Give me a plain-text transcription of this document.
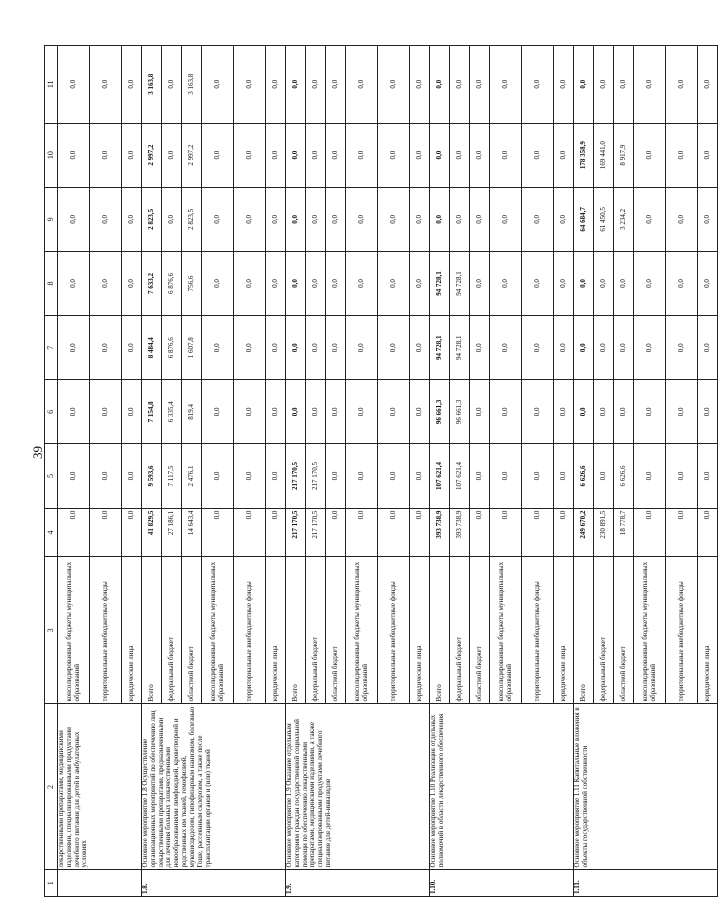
39
1	2	3	4	5	6	7	8	9	10	11
	лекарственными препаратами, медицинскими изделиями, специализированными продуктами лечебного питания для детей в амбулаторных условиях	консолидированные бюджеты муниципальных образований	0,0	0,0	0,0	0,0	0,0	0,0	0,0	0,0
		территориальные внебюджетные фонды	0,0	0,0	0,0	0,0	0,0	0,0	0,0	0,0
		юридические лица	0,0	0,0	0,0	0,0	0,0	0,0	0,0	0,0
1.8.	Основное мероприятие 1.8 Осуществление организационных мероприятий по обеспечению лиц лекарственными препаратами, предназначенными для лечения больных злокачественными новообразованиями лимфоидной, кроветворной и родственных им тканей, гемофилией, муковисцидозом, гипофизарным нанизмом, болезнью Гоше, рассеянным склерозом, а также после трансплантации органов и (или) тканей	Всего	41 829,5	9 593,6	7 154,8	8 484,4	7 633,2	2 823,5	2 997,2	3 163,8
		федеральный бюджет	27 186,1	7 117,5	6 335,4	6 876,6	6 876,6	0,0	0,0	0,0
		областной бюджет	14 643,4	2 476,1	819,4	1 607,8	756,6	2 823,5	2 997,2	3 163,8
		консолидированные бюджеты муниципальных образований	0,0	0,0	0,0	0,0	0,0	0,0	0,0	0,0
		территориальные внебюджетные фонды	0,0	0,0	0,0	0,0	0,0	0,0	0,0	0,0
		юридические лица	0,0	0,0	0,0	0,0	0,0	0,0	0,0	0,0
1.9.	Основное мероприятие 1.9 Оказание отдельным категориям граждан государственной социальной помощи по обеспечению лекарственными препаратами, медицинскими изделиями, а также специализированными продуктами лечебного питания для детей-инвалидов	Всего	217 170,5	217 170,5	0,0	0,0	0,0	0,0	0,0	0,0
		федеральный бюджет	217 170,5	217 170,5	0,0	0,0	0,0	0,0	0,0	0,0
		областной бюджет	0,0	0,0	0,0	0,0	0,0	0,0	0,0	0,0
		консолидированные бюджеты муниципальных образований	0,0	0,0	0,0	0,0	0,0	0,0	0,0	0,0
		территориальные внебюджетные фонды	0,0	0,0	0,0	0,0	0,0	0,0	0,0	0,0
		юридические лица	0,0	0,0	0,0	0,0	0,0	0,0	0,0	0,0
1.10.	Основное мероприятие 1.10 Реализация отдельных полномочий в области лекарственного обеспечения	Всего	393 738,9	107 621,4	96 661,3	94 728,1	94 728,1	0,0	0,0	0,0
		федеральный бюджет	393 738,9	107 621,4	96 661,3	94 728,1	94 728,1	0,0	0,0	0,0
		областной бюджет	0,0	0,0	0,0	0,0	0,0	0,0	0,0	0,0
		консолидированные бюджеты муниципальных образований	0,0	0,0	0,0	0,0	0,0	0,0	0,0	0,0
		территориальные внебюджетные фонды	0,0	0,0	0,0	0,0	0,0	0,0	0,0	0,0
		юридические лица	0,0	0,0	0,0	0,0	0,0	0,0	0,0	0,0
1.11.	Основное мероприятие 1.11 Капитальные вложения в объекты государственной собственности	Всего	249 670,2	6 626,6	0,0	0,0	0,0	64 684,7	178 358,9	0,0
		федеральный бюджет	230 891,5	0,0	0,0	0,0	0,0	61 450,5	169 441,0	0,0
		областной бюджет	18 778,7	6 626,6	0,0	0,0	0,0	3 234,2	8 917,9	0,0
		консолидированные бюджеты муниципальных образований	0,0	0,0	0,0	0,0	0,0	0,0	0,0	0,0
		территориальные внебюджетные фонды	0,0	0,0	0,0	0,0	0,0	0,0	0,0	0,0
		юридические лица	0,0	0,0	0,0	0,0	0,0	0,0	0,0	0,0
